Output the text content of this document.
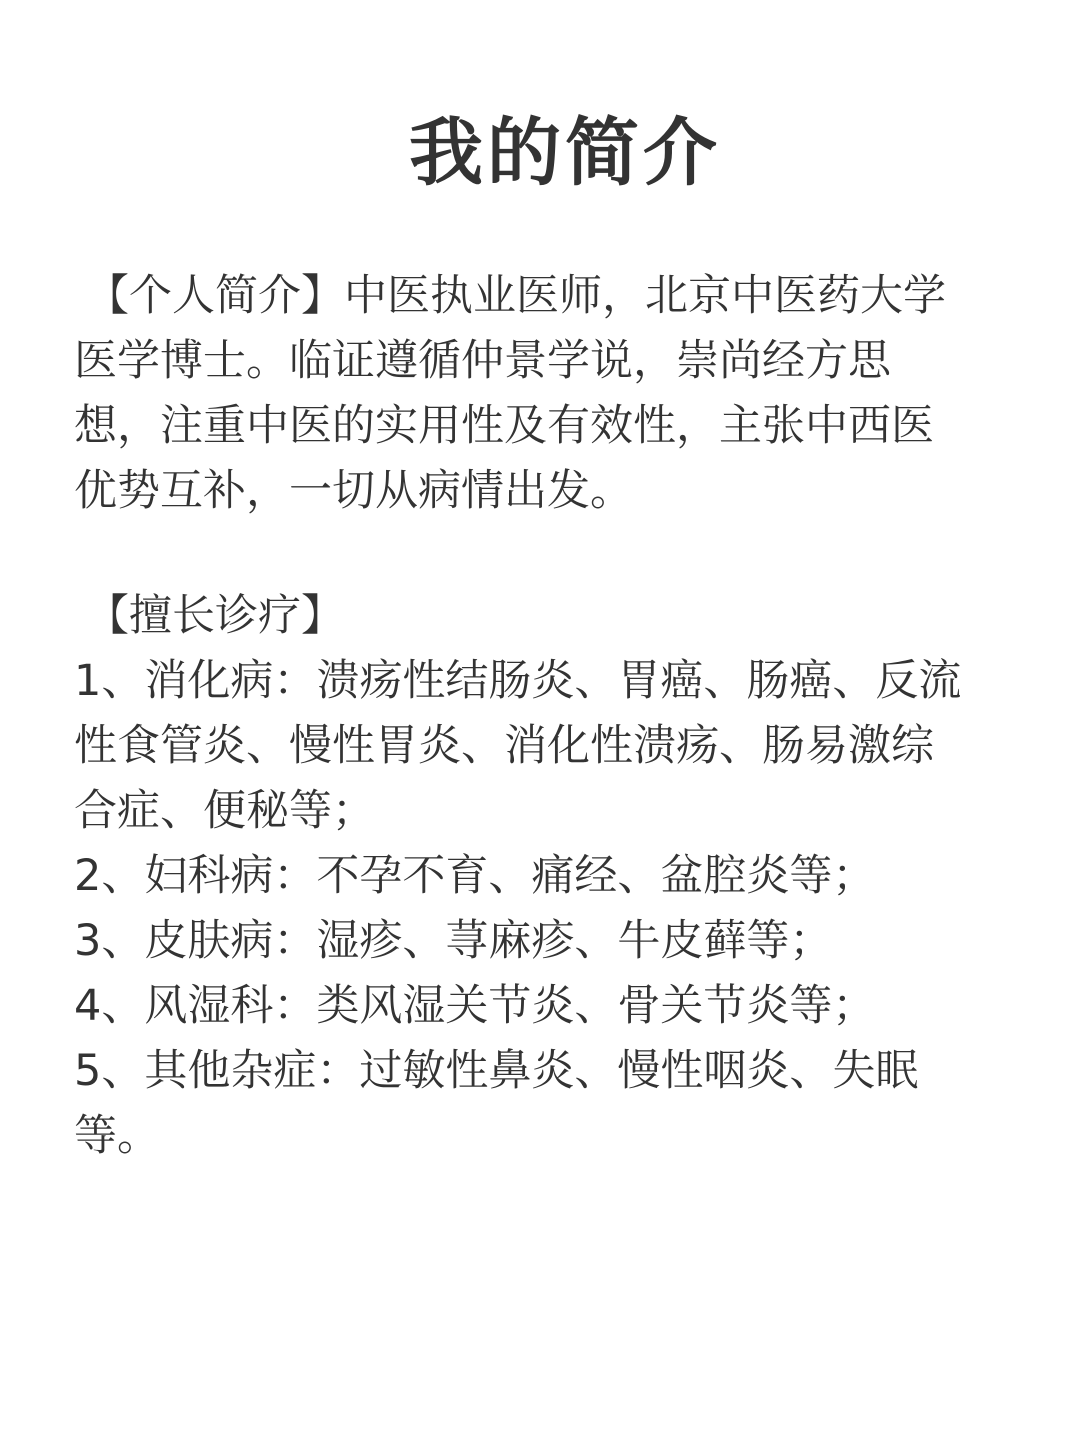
我的简介
【个人简介】中医执业医师，北京中医药大学
医学博士。临证遵循仲景学说，崇尚经方思
想，注重中医的实用性及有效性，主张中西医
优势互补，一切从病情出发。
【擅长诊疗】
1、消化病：溃疡性结肠炎、胃癌、肠癌、反流
性食管炎、慢性胃炎、消化性溃疡、肠易激综
合症、便秘等；
2、妇科病：不孕不育、痛经、盆腔炎等；
3、皮肤病：湿疹、荨麻疹、牛皮藓等；
4、风湿科：类风湿关节炎、骨关节炎等；
5、其他杂症：过敏性鼻炎、慢性咽炎、失眠
等。
